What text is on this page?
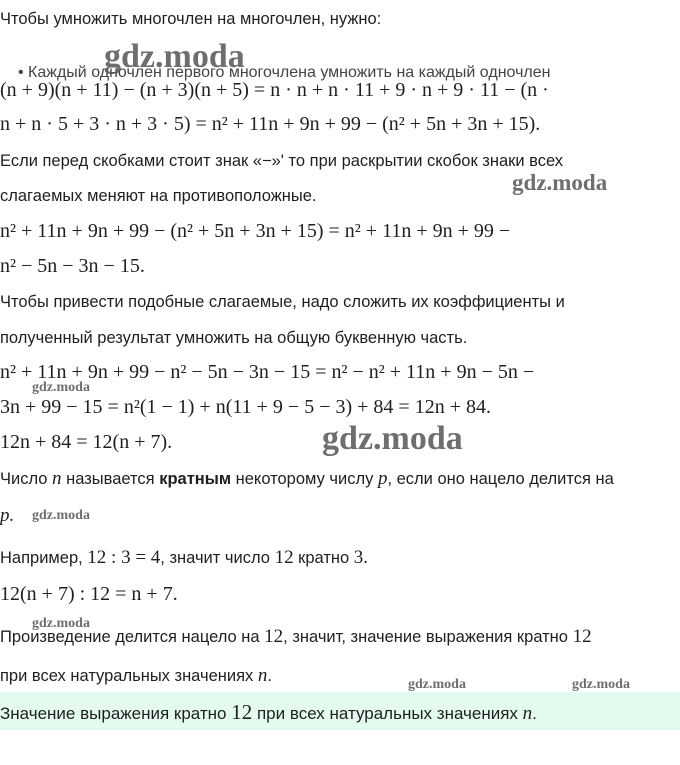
Чтобы умножить многочлен на многочлен, нужно:
• Каждый одночлен первого многочлена умножить на каждый одночлен
(n + 9)(n + 11) − (n + 3)(n + 5) = n · n + n · 11 + 9 · n + 9 · 11 − (n ·
n + n · 5 + 3 · n + 3 · 5) = n² + 11n + 9n + 99 − (n² + 5n + 3n + 15).
Если перед скобками стоит знак «−»' то при раскрытии скобок знаки всех
слагаемых меняют на противоположные.
n² + 11n + 9n + 99 − (n² + 5n + 3n + 15) = n² + 11n + 9n + 99 −
n² − 5n − 3n − 15.
Чтобы привести подобные слагаемые, надо сложить их коэффициенты и
полученный результат умножить на общую буквенную часть.
n² + 11n + 9n + 99 − n² − 5n − 3n − 15 = n² − n² + 11n + 9n − 5n −
3n + 99 − 15 = n²(1 − 1) + n(11 + 9 − 5 − 3) + 84 = 12n + 84.
12n + 84 = 12(n + 7).
Число n называется кратным некоторому числу p, если оно нацело делится на
p.
Например, 12 : 3 = 4, значит число 12 кратно 3.
12(n + 7) : 12 = n + 7.
Произведение делится нацело на 12, значит, значение выражения кратно 12
при всех натуральных значениях n.
Значение выражения кратно 12 при всех натуральных значениях n.
gdz.moda
gdz.moda
gdz.moda
gdz.moda
gdz.moda
gdz.moda
gdz.moda	gdz.moda
